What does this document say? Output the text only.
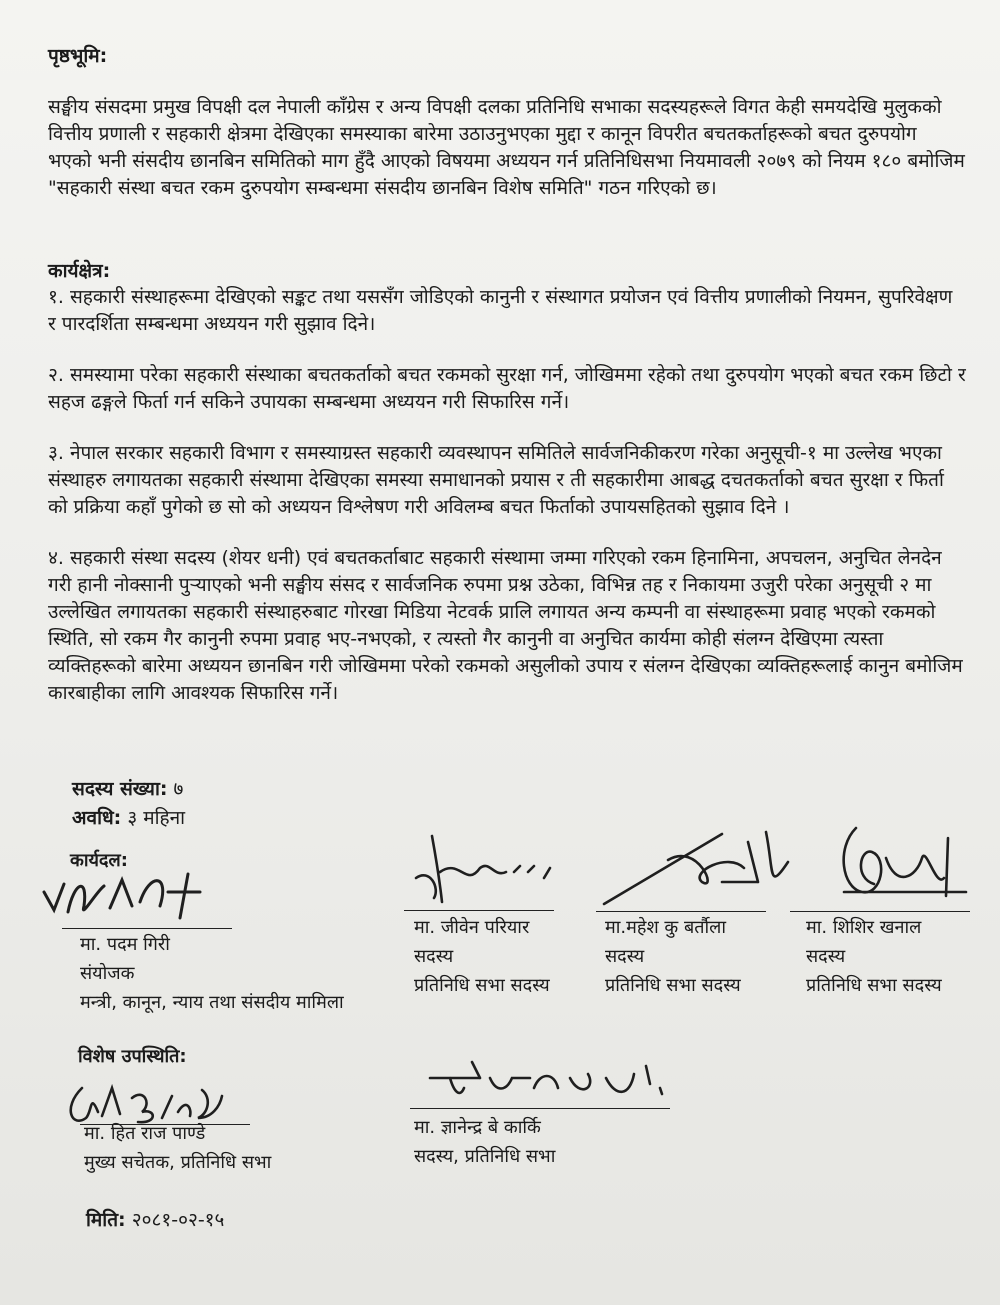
पृष्ठभूमि:

सङ्घीय संसदमा प्रमुख विपक्षी दल नेपाली काँग्रेस र अन्य विपक्षी दलका प्रतिनिधि सभाका सदस्यहरूले विगत केही समयदेखि मुलुकको वित्तीय प्रणाली र सहकारी क्षेत्रमा देखिएका समस्याका बारेमा उठाउनुभएका मुद्दा र कानून विपरीत बचतकर्ताहरूको बचत दुरुपयोग भएको भनी संसदीय छानबिन समितिको माग हुँदै आएको विषयमा अध्ययन गर्न प्रतिनिधिसभा नियमावली २०७९ को नियम १८० बमोजिम "सहकारी संस्था बचत रकम दुरुपयोग सम्बन्धमा संसदीय छानबिन विशेष समिति" गठन गरिएको छ।

कार्यक्षेत्र:

१. सहकारी संस्थाहरूमा देखिएको सङ्कट तथा यससँग जोडिएको कानुनी र संस्थागत प्रयोजन एवं वित्तीय प्रणालीको नियमन, सुपरिवेक्षण र पारदर्शिता सम्बन्धमा अध्ययन गरी सुझाव दिने।

२. समस्यामा परेका सहकारी संस्थाका बचतकर्ताको बचत रकमको सुरक्षा गर्न, जोखिममा रहेको तथा दुरुपयोग भएको बचत रकम छिटो र सहज ढङ्गले फिर्ता गर्न सकिने उपायका सम्बन्धमा अध्ययन गरी सिफारिस गर्ने।

३. नेपाल सरकार सहकारी विभाग र समस्याग्रस्त सहकारी व्यवस्थापन समितिले सार्वजनिकीकरण गरेका अनुसूची-१ मा उल्लेख भएका संस्थाहरु लगायतका सहकारी संस्थामा देखिएका समस्या समाधानको प्रयास र ती सहकारीमा आबद्ध दचतकर्ताको बचत सुरक्षा र फिर्ता को प्रक्रिया कहाँ पुगेको छ सो को अध्ययन विश्लेषण गरी अविलम्ब बचत फिर्ताको उपायसहितको सुझाव दिने ।

४. सहकारी संस्था सदस्य (शेयर धनी) एवं बचतकर्ताबाट सहकारी संस्थामा जम्मा गरिएको रकम हिनामिना, अपचलन, अनुचित लेनदेन गरी हानी नोक्सानी पुऱ्याएको भनी सङ्घीय संसद र सार्वजनिक रुपमा प्रश्न उठेका, विभिन्न तह र निकायमा उजुरी परेका अनुसूची २ मा उल्लेखित लगायतका सहकारी संस्थाहरुबाट गोरखा मिडिया नेटवर्क प्रालि लगायत अन्य कम्पनी वा संस्थाहरूमा प्रवाह भएको रकमको स्थिति, सो रकम गैर कानुनी रुपमा प्रवाह भए-नभएको, र त्यस्तो गैर कानुनी वा अनुचित कार्यमा कोही संलग्न देखिएमा त्यस्ता व्यक्तिहरूको बारेमा अध्ययन छानबिन गरी जोखिममा परेको रकमको असुलीको उपाय र संलग्न देखिएका व्यक्तिहरूलाई कानुन बमोजिम कारबाहीका लागि आवश्यक सिफारिस गर्ने।

सदस्य संख्या: ७
अवधि: ३ महिना
कार्यदल:
मा. पदम गिरी
संयोजक
मन्त्री, कानून, न्याय तथा संसदीय मामिला
मा. जीवेन परियार
सदस्य
प्रतिनिधि सभा सदस्य
मा.महेश कु बर्तौला
सदस्य
प्रतिनिधि सभा सदस्य
मा. शिशिर खनाल
सदस्य
प्रतिनिधि सभा सदस्य
विशेष उपस्थिति:
मा. हित राज पाण्डे
मुख्य सचेतक, प्रतिनिधि सभा
मा. ज्ञानेन्द्र बे कार्कि
सदस्य, प्रतिनिधि सभा
मिति: २०८१-०२-१५
